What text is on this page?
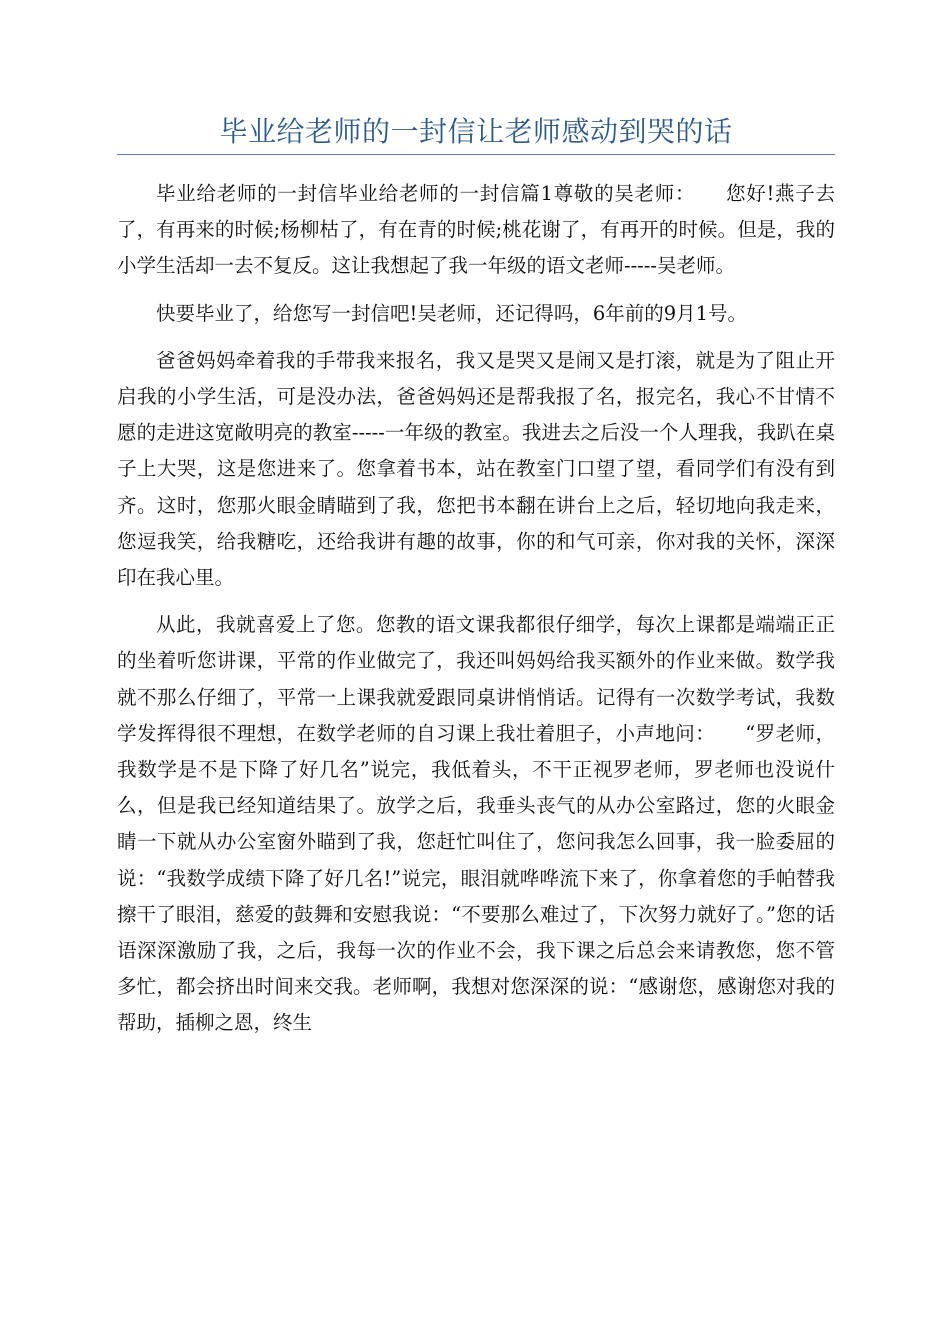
毕业给老师的一封信让老师感动到哭的话

毕业给老师的一封信毕业给老师的一封信篇1尊敬的吴老师：　　您好!燕子去了，有再来的时候;杨柳枯了，有在青的时候;桃花谢了，有再开的时候。但是，我的小学生活却一去不复反。这让我想起了我一年级的语文老师-----吴老师。

快要毕业了，给您写一封信吧!吴老师，还记得吗，6年前的9月1号。

爸爸妈妈牵着我的手带我来报名，我又是哭又是闹又是打滚，就是为了阻止开启我的小学生活，可是没办法，爸爸妈妈还是帮我报了名，报完名，我心不甘情不愿的走进这宽敞明亮的教室-----一年级的教室。我进去之后没一个人理我，我趴在桌子上大哭，这是您进来了。您拿着书本，站在教室门口望了望，看同学们有没有到齐。这时，您那火眼金睛瞄到了我，您把书本翻在讲台上之后，轻切地向我走来，您逗我笑，给我糖吃，还给我讲有趣的故事，你的和气可亲，你对我的关怀，深深印在我心里。

从此，我就喜爱上了您。您教的语文课我都很仔细学，每次上课都是端端正正的坐着听您讲课，平常的作业做完了，我还叫妈妈给我买额外的作业来做。数学我就不那么仔细了，平常一上课我就爱跟同桌讲悄悄话。记得有一次数学考试，我数学发挥得很不理想，在数学老师的自习课上我壮着胆子，小声地问：　　“罗老师，我数学是不是下降了好几名”说完，我低着头，不干正视罗老师，罗老师也没说什么，但是我已经知道结果了。放学之后，我垂头丧气的从办公室路过，您的火眼金睛一下就从办公室窗外瞄到了我，您赶忙叫住了，您问我怎么回事，我一脸委屈的说：“我数学成绩下降了好几名!”说完，眼泪就哗哗流下来了，你拿着您的手帕替我擦干了眼泪，慈爱的鼓舞和安慰我说：“不要那么难过了，下次努力就好了。”您的话语深深激励了我，之后，我每一次的作业不会，我下课之后总会来请教您，您不管多忙，都会挤出时间来交我。老师啊，我想对您深深的说：“感谢您，感谢您对我的帮助，插柳之恩，终生
